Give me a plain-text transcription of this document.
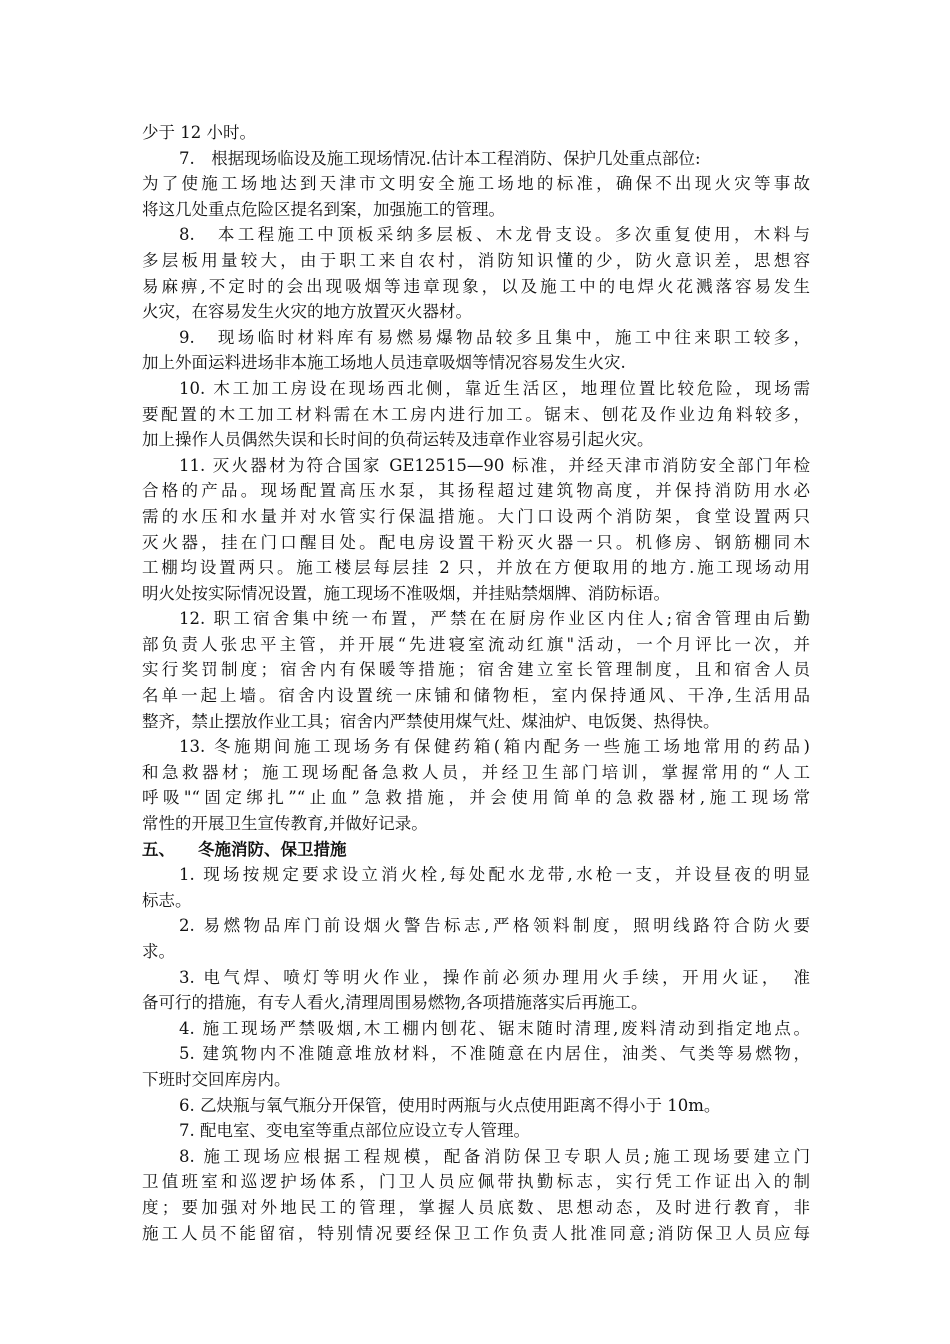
少于 12 小时。
7.　根据现场临设及施工现场情况.估计本工程消防、保护几处重点部位:
为了使施工场地达到天津市文明安全施工场地的标准，确保不出现火灾等事故
将这几处重点危险区提名到案，加强施工的管理。
8.　本工程施工中顶板采纳多层板、木龙骨支设。多次重复使用，木料与
多层板用量较大，由于职工来自农村，消防知识懂的少，防火意识差，思想容
易麻痹,不定时的会出现吸烟等违章现象，以及施工中的电焊火花溅落容易发生
火灾，在容易发生火灾的地方放置灭火器材。
9.　现场临时材料库有易燃易爆物品较多且集中，施工中往来职工较多，
加上外面运料进场非本施工场地人员违章吸烟等情况容易发生火灾.
10. 木工加工房设在现场西北侧，靠近生活区，地理位置比较危险，现场需
要配置的木工加工材料需在木工房内进行加工。锯末、刨花及作业边角料较多，
加上操作人员偶然失误和长时间的负荷运转及违章作业容易引起火灾。
11. 灭火器材为符合国家 GE12515—90 标准，并经天津市消防安全部门年检
合格的产品。现场配置高压水泵，其扬程超过建筑物高度，并保持消防用水必
需的水压和水量并对水管实行保温措施。大门口设两个消防架，食堂设置两只
灭火器，挂在门口醒目处。配电房设置干粉灭火器一只。机修房、钢筋棚同木
工棚均设置两只。施工楼层每层挂 2 只，并放在方便取用的地方.施工现场动用
明火处按实际情况设置，施工现场不准吸烟，并挂贴禁烟牌、消防标语。
12. 职工宿舍集中统一布置，严禁在在厨房作业区内住人;宿舍管理由后勤
部负责人张忠平主管，并开展“先进寝室流动红旗"活动，一个月评比一次，并
实行奖罚制度；宿舍内有保暖等措施；宿舍建立室长管理制度，且和宿舍人员
名单一起上墙。宿舍内设置统一床铺和储物柜，室内保持通风、干净,生活用品
整齐，禁止摆放作业工具；宿舍内严禁使用煤气灶、煤油炉、电饭煲、热得快。
13. 冬施期间施工现场务有保健药箱(箱内配务一些施工场地常用的药品)
和急救器材；施工现场配备急救人员，并经卫生部门培训，掌握常用的“人工
呼吸"“固定绑扎”“止血”急救措施，并会使用简单的急救器材,施工现场常
常性的开展卫生宣传教育,并做好记录。
五、 冬施消防、保卫措施
1. 现场按规定要求设立消火栓,每处配水龙带,水枪一支，并设昼夜的明显
标志。
2. 易燃物品库门前设烟火警告标志,严格领料制度，照明线路符合防火要
求。
3. 电气焊、喷灯等明火作业，操作前必须办理用火手续，开用火证，　准
备可行的措施，有专人看火,清理周围易燃物,各项措施落实后再施工。
4. 施工现场严禁吸烟,木工棚内刨花、锯末随时清理,废料清动到指定地点。
5. 建筑物内不准随意堆放材料，不准随意在内居住，油类、气类等易燃物，
下班时交回库房内。
6. 乙炔瓶与氧气瓶分开保管，使用时两瓶与火点使用距离不得小于 10m。
7. 配电室、变电室等重点部位应设立专人管理。
8. 施工现场应根据工程规模，配备消防保卫专职人员;施工现场要建立门
卫值班室和巡逻护场体系，门卫人员应佩带执勤标志，实行凭工作证出入的制
度；要加强对外地民工的管理，掌握人员底数、思想动态，及时进行教育，非
施工人员不能留宿，特别情况要经保卫工作负责人批准同意;消防保卫人员应每
